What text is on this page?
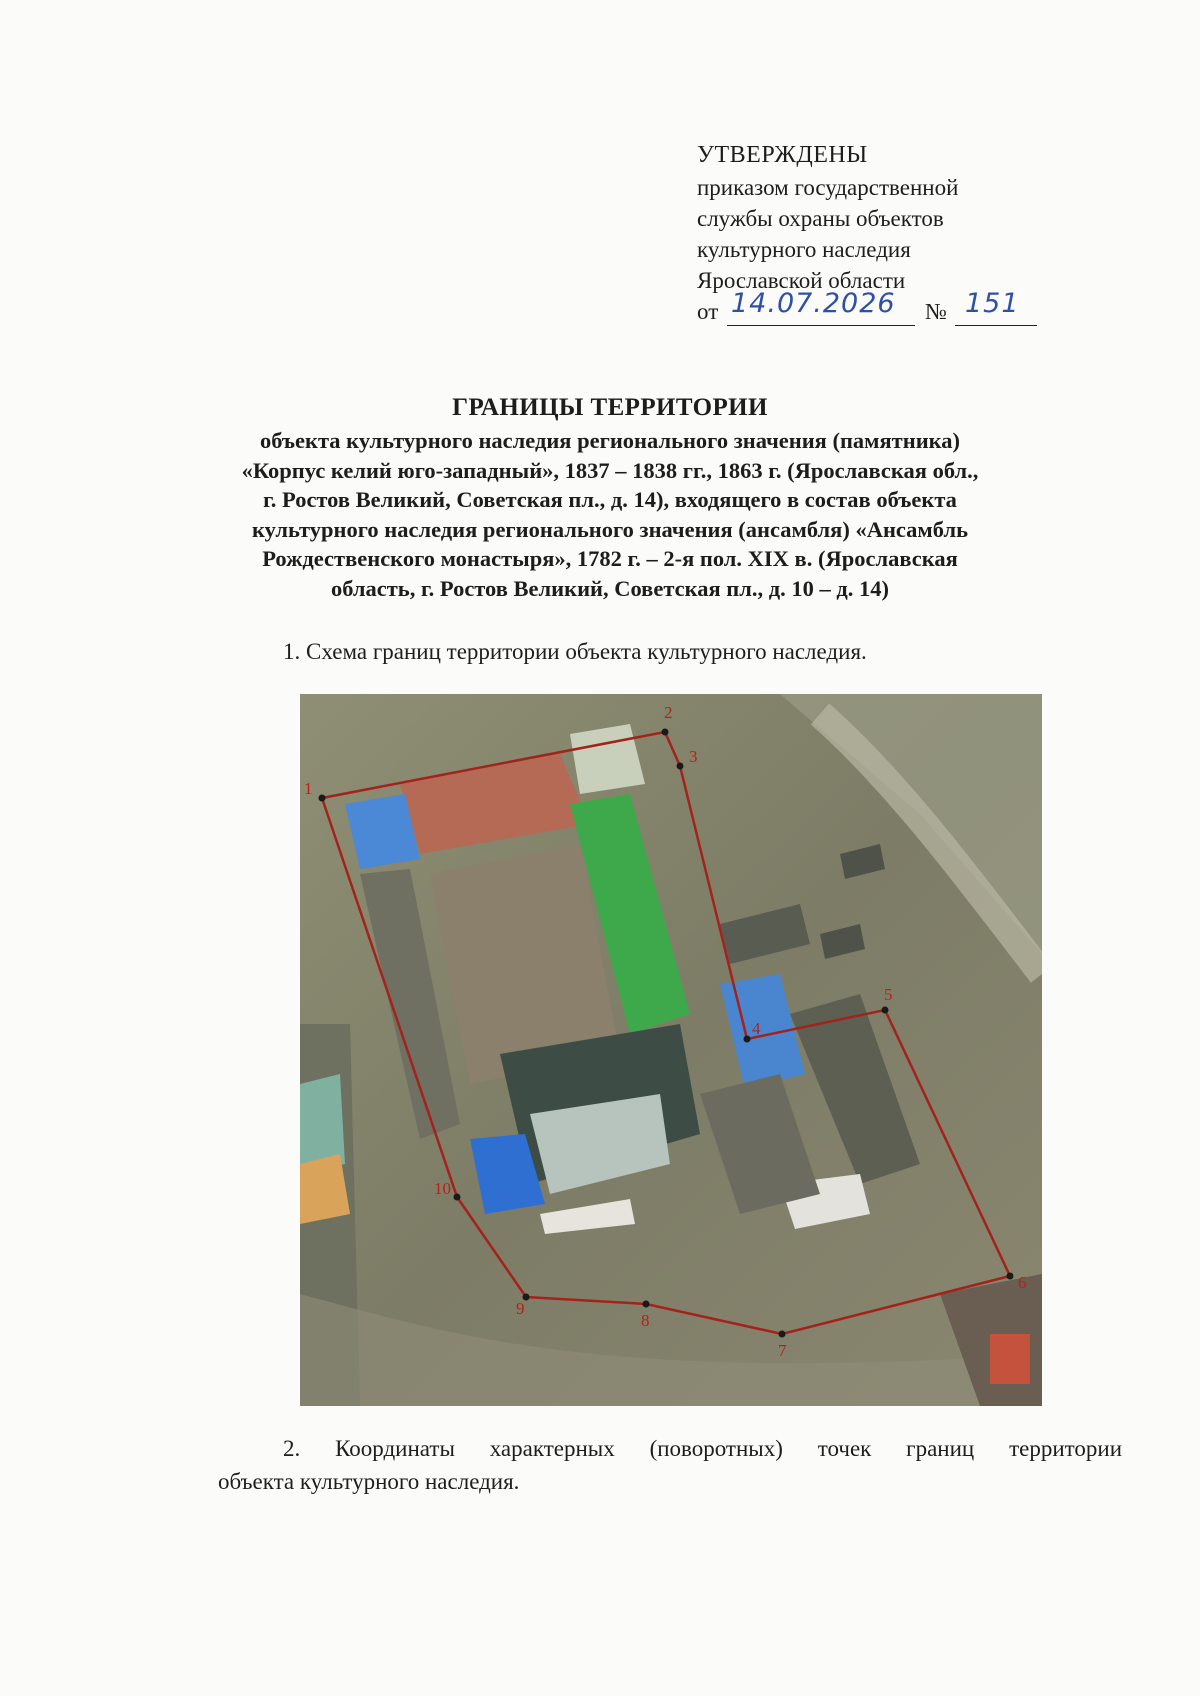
УТВЕРЖДЕНЫ
приказом государственной
службы охраны объектов
культурного наследия
Ярославской области
от 14.07.2026 № 151
ГРАНИЦЫ ТЕРРИТОРИИ
объекта культурного наследия регионального значения (памятника)
«Корпус келий юго-западный», 1837 – 1838 гг., 1863 г. (Ярославская обл.,
г. Ростов Великий, Советская пл., д. 14), входящего в состав объекта
культурного наследия регионального значения (ансамбля) «Ансамбль
Рождественского монастыря», 1782 г. – 2-я пол. XIX в. (Ярославская
область, г. Ростов Великий, Советская пл., д. 10 – д. 14)
1. Схема границ территории объекта культурного наследия.
1
2
3
4
5
6
7
8
9
10
2. Координаты характерных (поворотных) точек границ территории
объекта культурного наследия.
